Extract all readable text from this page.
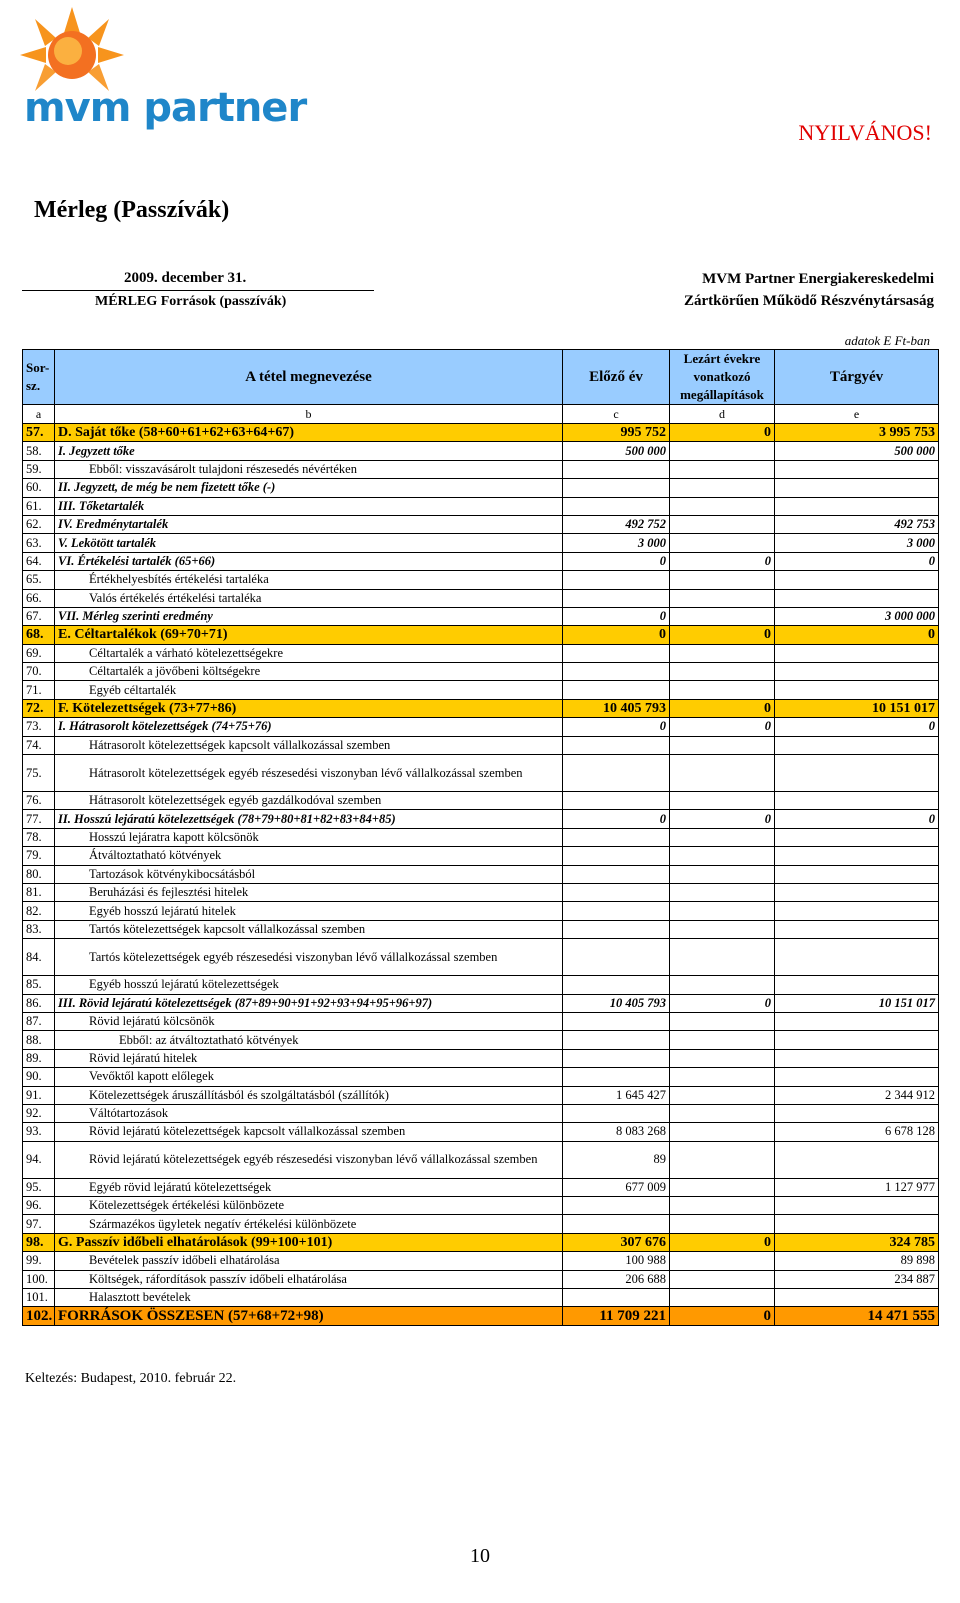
mvm partner
NYILVÁNOS!
Mérleg (Passzívák)
2009. december 31.
MÉRLEG Források (passzívák)
MVM Partner Energiakereskedelmi
Zártkörűen Működő Részvénytársaság
adatok E Ft-ban
Sor- sz.	A tétel megnevezése	Előző év	Lezárt évekre vonatkozó megállapítások	Tárgyév
a	b	c	d	e
57.	D. Saját tőke (58+60+61+62+63+64+67)	995 752	0	3 995 753
58.	I. Jegyzett tőke	500 000		500 000
59.	Ebből: visszavásárolt tulajdoni részesedés névértéken			
60.	II. Jegyzett, de még be nem fizetett tőke (-)			
61.	III. Tőketartalék			
62.	IV. Eredménytartalék	492 752		492 753
63.	V. Lekötött tartalék	3 000		3 000
64.	VI. Értékelési tartalék (65+66)	0	0	0
65.	Értékhelyesbítés értékelési tartaléka			
66.	Valós értékelés értékelési tartaléka			
67.	VII. Mérleg szerinti eredmény	0		3 000 000
68.	E. Céltartalékok (69+70+71)	0	0	0
69.	Céltartalék a várható kötelezettségekre			
70.	Céltartalék a jövőbeni költségekre			
71.	Egyéb céltartalék			
72.	F. Kötelezettségek (73+77+86)	10 405 793	0	10 151 017
73.	I. Hátrasorolt kötelezettségek (74+75+76)	0	0	0
74.	Hátrasorolt kötelezettségek kapcsolt vállalkozással szemben			
75.	Hátrasorolt kötelezettségek egyéb részesedési viszonyban lévő vállalkozással szemben			
76.	Hátrasorolt kötelezettségek egyéb gazdálkodóval szemben			
77.	II. Hosszú lejáratú kötelezettségek (78+79+80+81+82+83+84+85)	0	0	0
78.	Hosszú lejáratra kapott kölcsönök			
79.	Átváltoztatható kötvények			
80.	Tartozások kötvénykibocsátásból			
81.	Beruházási és fejlesztési hitelek			
82.	Egyéb hosszú lejáratú hitelek			
83.	Tartós kötelezettségek kapcsolt vállalkozással szemben			
84.	Tartós kötelezettségek egyéb részesedési viszonyban lévő vállalkozással szemben			
85.	Egyéb hosszú lejáratú kötelezettségek			
86.	III. Rövid lejáratú kötelezettségek (87+89+90+91+92+93+94+95+96+97)	10 405 793	0	10 151 017
87.	Rövid lejáratú kölcsönök			
88.	Ebből: az átváltoztatható kötvények			
89.	Rövid lejáratú hitelek			
90.	Vevőktől kapott előlegek			
91.	Kötelezettségek áruszállításból és szolgáltatásból (szállítók)	1 645 427		2 344 912
92.	Váltótartozások			
93.	Rövid lejáratú kötelezettségek kapcsolt vállalkozással szemben	8 083 268		6 678 128
94.	Rövid lejáratú kötelezettségek egyéb részesedési viszonyban lévő vállalkozással szemben	89		
95.	Egyéb rövid lejáratú kötelezettségek	677 009		1 127 977
96.	Kötelezettségek értékelési különbözete			
97.	Származékos ügyletek negatív értékelési különbözete			
98.	G. Passzív időbeli elhatárolások (99+100+101)	307 676	0	324 785
99.	Bevételek passzív időbeli elhatárolása	100 988		89 898
100.	Költségek, ráfordítások passzív időbeli elhatárolása	206 688		234 887
101.	Halasztott bevételek			
102.	FORRÁSOK ÖSSZESEN (57+68+72+98)	11 709 221	0	14 471 555
Keltezés: Budapest, 2010. február 22.
10
